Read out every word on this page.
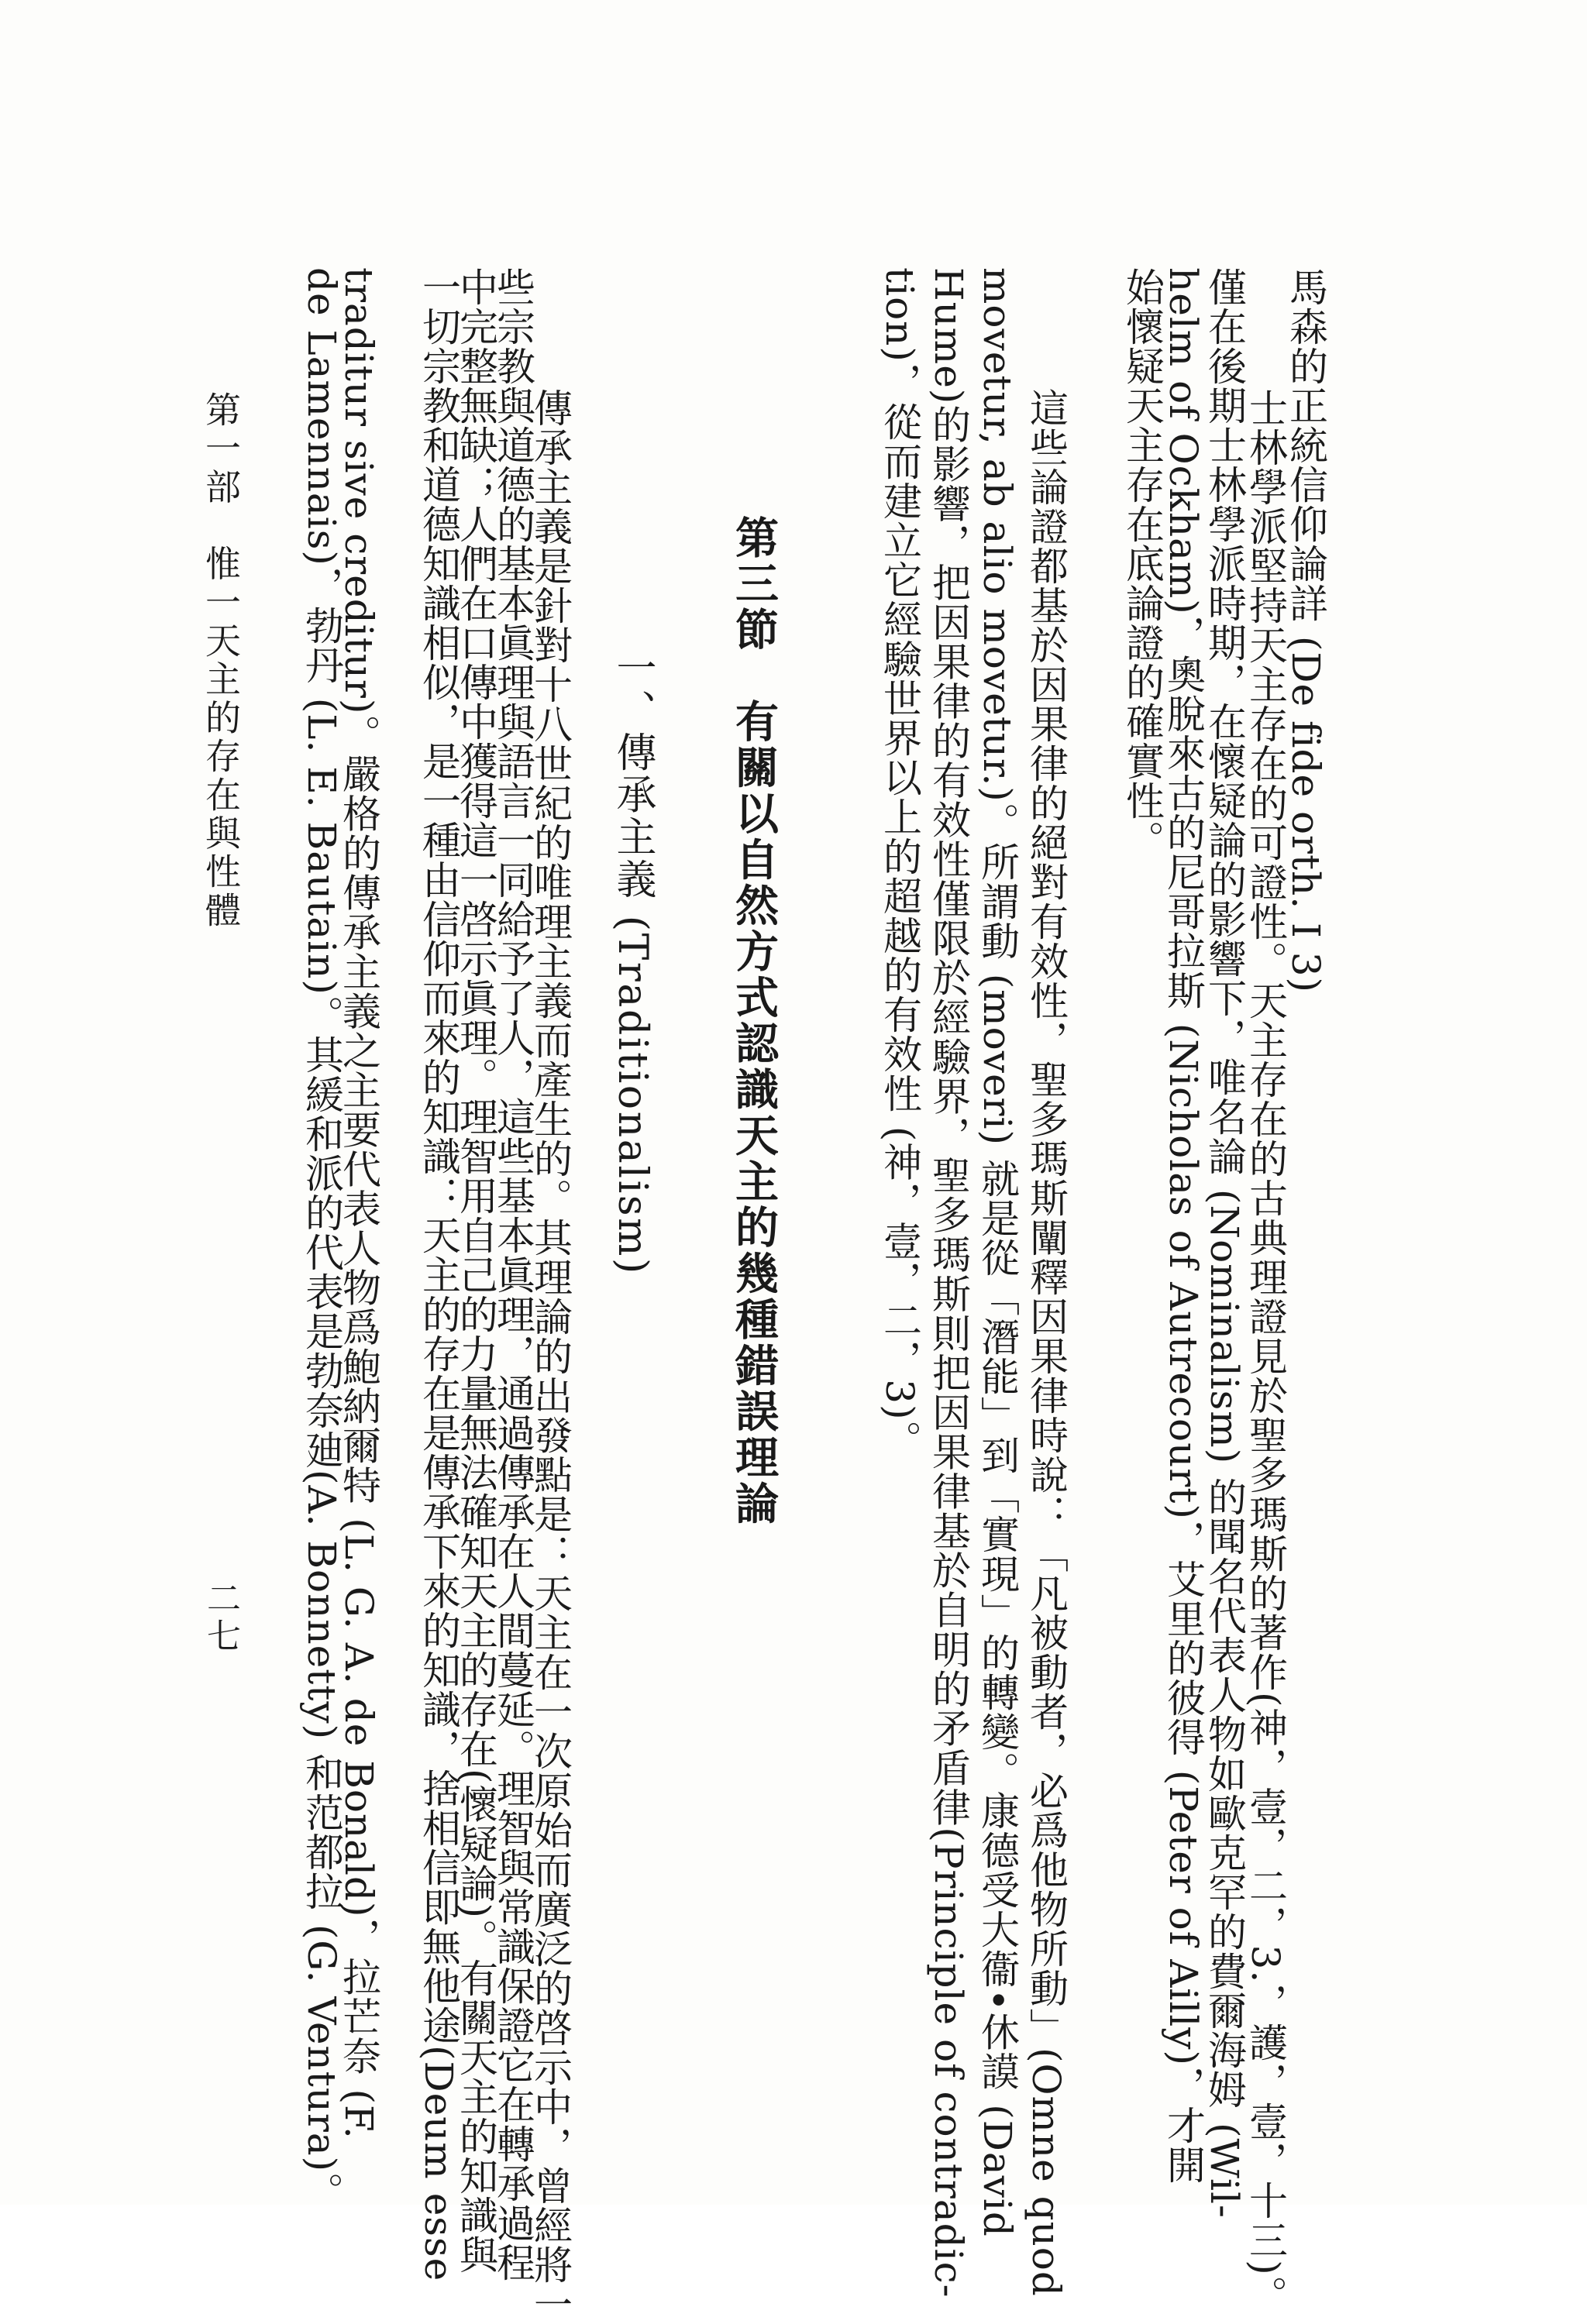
馬森的正統信仰論詳 (De fide orth. I 3)
　士林學派堅持天主存在的可證性。天主存在的古典理證見於聖多瑪斯的著作(神，壹，二，3.，護，壹，十三)。
僅在後期士林學派時期，在懷疑論的影響下，唯名論 (Nominalism) 的聞名代表人物如歐克罕的費爾海姆 (Wil-
helm of Ockham)，奧脫來古的尼哥拉斯 (Nicholas of Autrecourt)，艾里的彼得 (Peter of Ailly)，才開
始懷疑天主存在底論證的確實性。
　這些論證都基於因果律的絕對有效性，聖多瑪斯闡釋因果律時說：「凡被動者，必爲他物所動」(Omne quod
movetur, ab alio movetur.)。所謂動 (moveri) 就是從「潛能」到「實現」的轉變。康德受大衞•休謨 (David
Hume)的影響，把因果律的有效性僅限於經驗界，聖多瑪斯則把因果律基於自明的矛盾律(Principle of contradic-
tion)，從而建立它經驗世界以上的超越的有效性 (神，壹，二，3)。
第三節　有關以自然方式認識天主的幾種錯誤理論
一、傳承主義 (Traditionalism)
　傳承主義是針對十八世紀的唯理主義而產生的。其理論的出發點是：天主在一次原始而廣泛的啓示中，曾經將一
些宗教與道德的基本眞理與語言一同給予了人，這些基本眞理，通過傳承在人間蔓延。理智與常識保證它在轉承過程
中完整無缺；人們在口傳中獲得這一啓示眞理。理智用自己的力量無法確知天主的存在(懷疑論)。有關天主的知識與
一切宗教和道德知識相似，是一種由信仰而來的知識：天主的存在是傳承下來的知識，捨相信即無他途(Deum esse
traditur sive creditur)。嚴格的傳承主義之主要代表人物爲鮑納爾特 (L. G. A. de Bonald)，拉芒奈 (F.
de Lamennais)，勃丹 (L. E. Bautain)。其緩和派的代表是勃奈廸(A. Bonnetty) 和范都拉 (G. Ventura)。
第一部　惟一天主的存在與性體
二七
